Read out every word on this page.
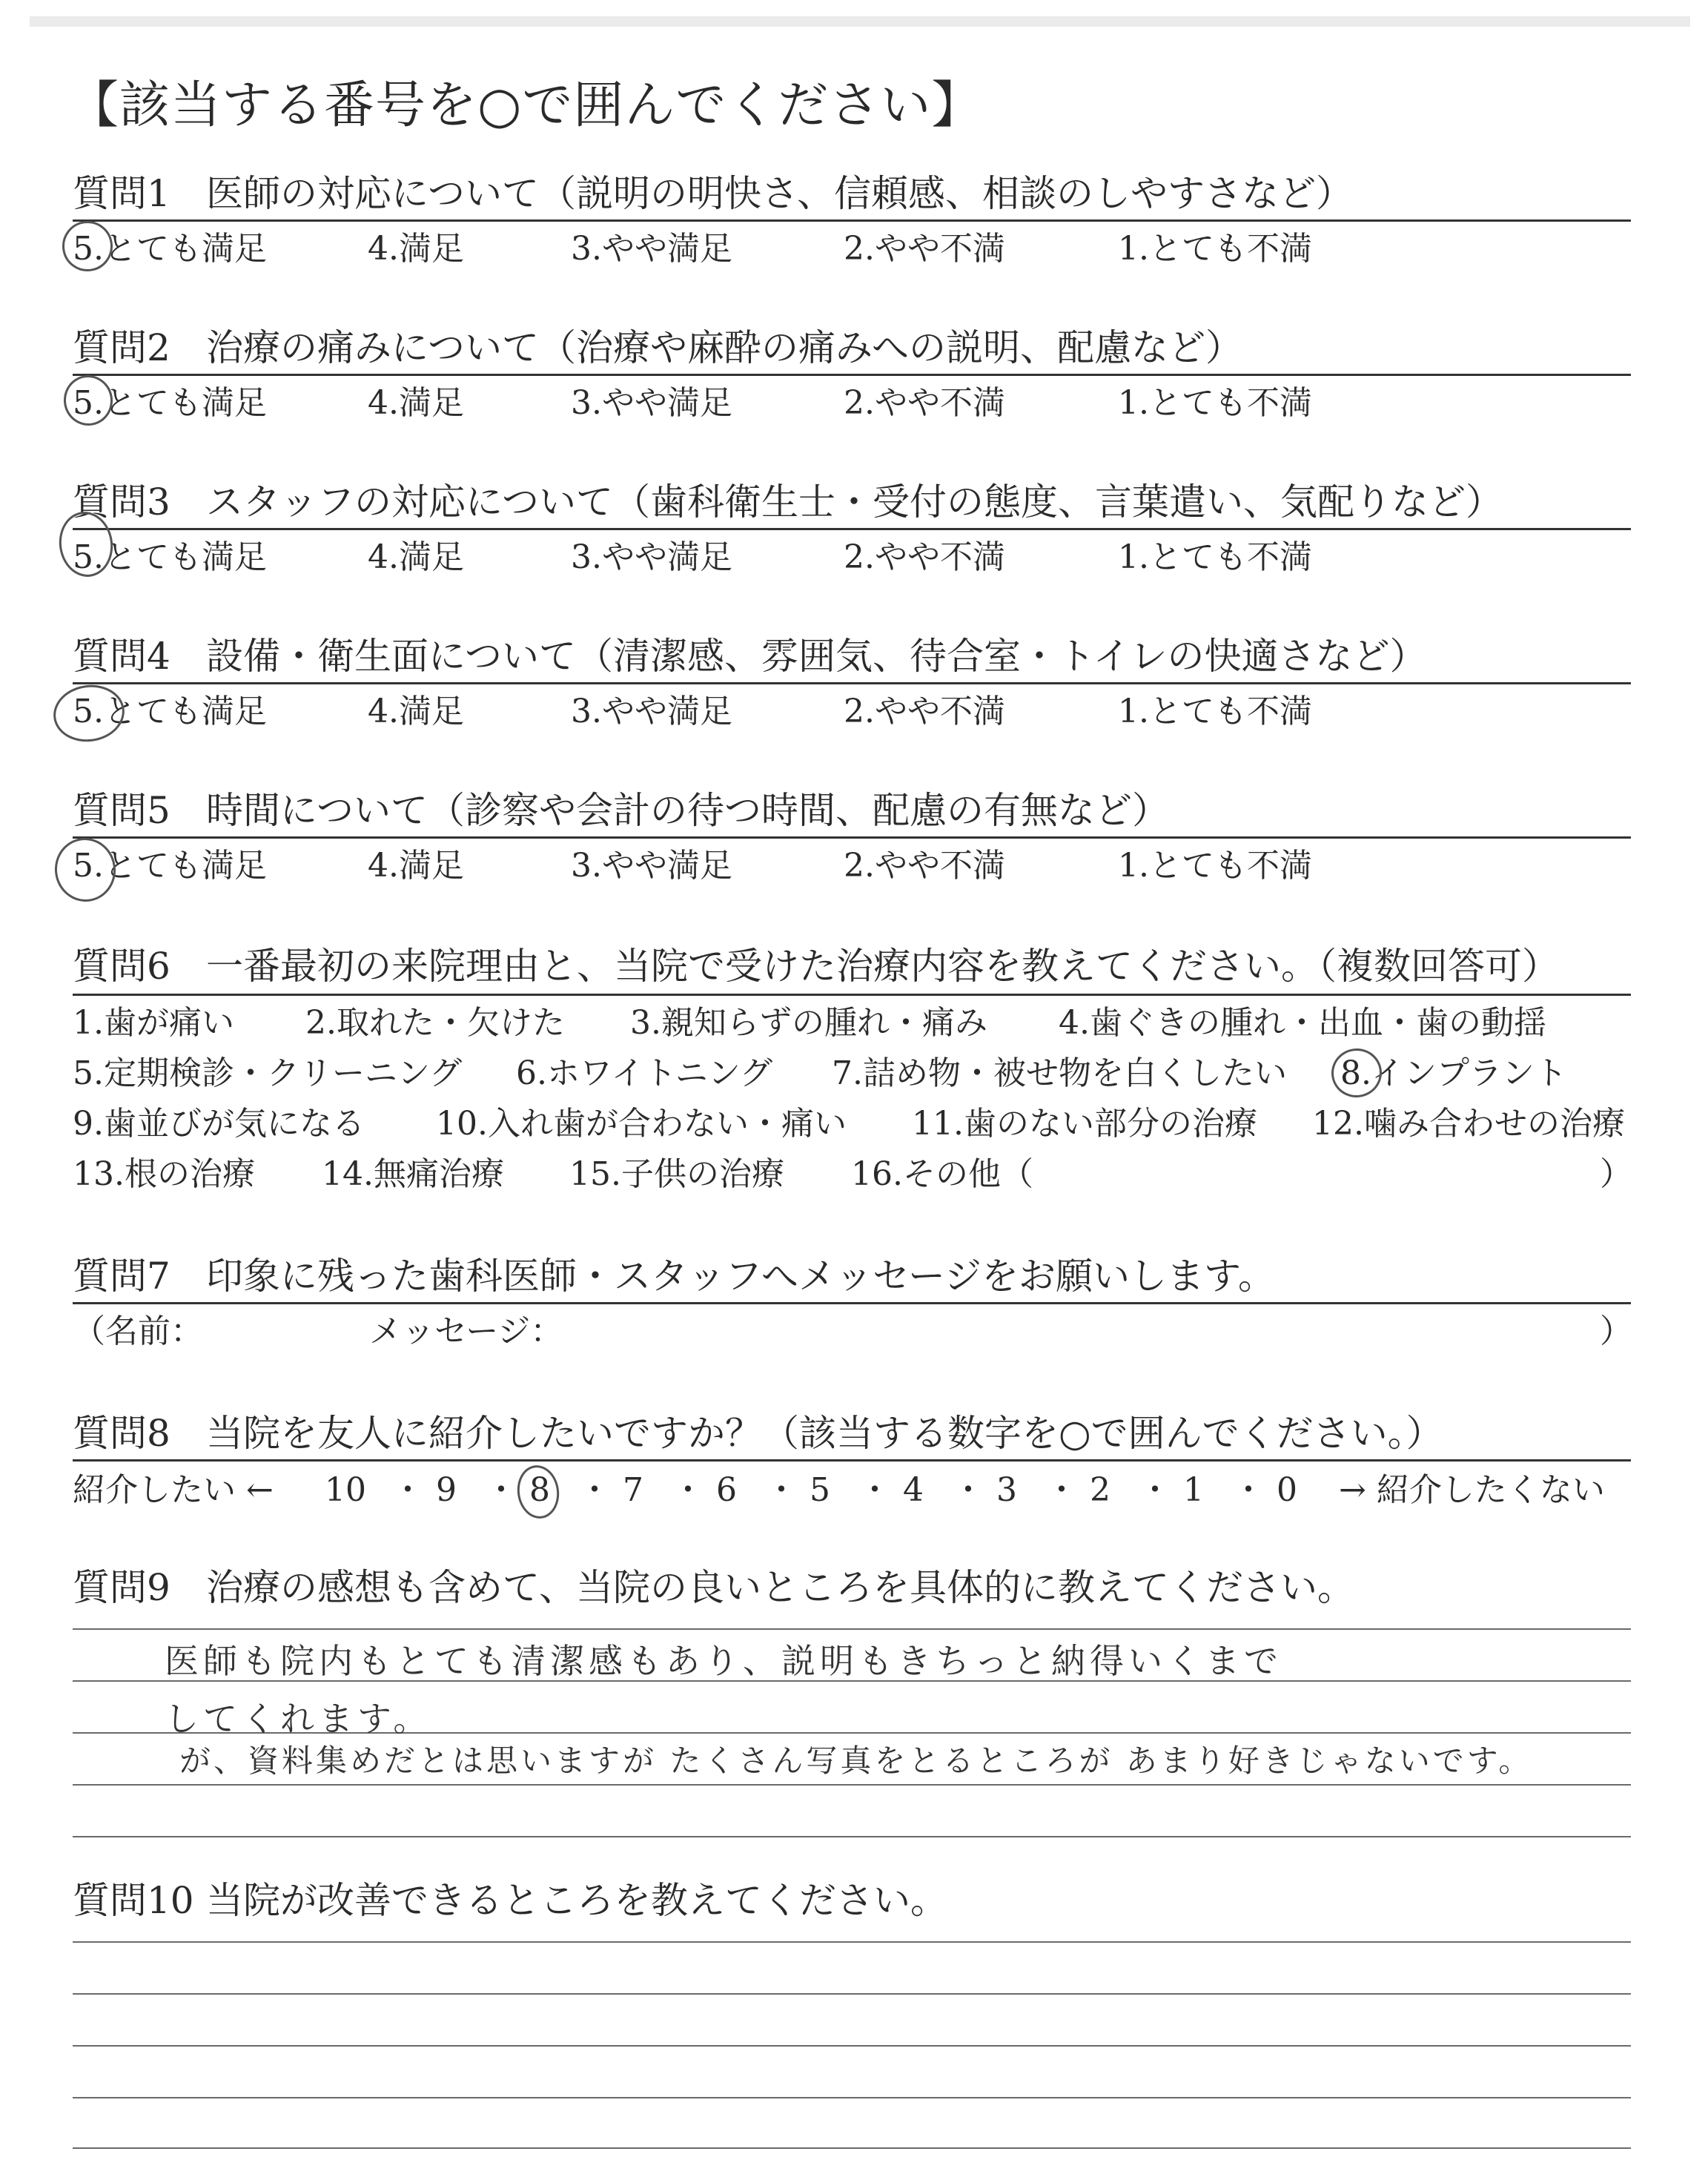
【該当する番号を○で囲んでください】
質問1 医師の対応について（説明の明快さ、信頼感、相談のしやすさなど）
5.とても満足	4.満足	3.やや満足	2.やや不満	1.とても不満
質問2 治療の痛みについて（治療や麻酔の痛みへの説明、配慮など）
5.とても満足	4.満足	3.やや満足	2.やや不満	1.とても不満
質問3 スタッフの対応について（歯科衛生士・受付の態度、言葉遣い、気配りなど）
5.とても満足	4.満足	3.やや満足	2.やや不満	1.とても不満
質問4 設備・衛生面について（清潔感、雰囲気、待合室・トイレの快適さなど）
5.とても満足	4.満足	3.やや満足	2.やや不満	1.とても不満
質問5 時間について（診察や会計の待つ時間、配慮の有無など）
5.とても満足	4.満足	3.やや満足	2.やや不満	1.とても不満
質問6 一番最初の来院理由と、当院で受けた治療内容を教えてください。（複数回答可）
1.歯が痛い 2.取れた・欠けた 3.親知らずの腫れ・痛み 4.歯ぐきの腫れ・出血・歯の動揺
5.定期検診・クリーニング 6.ホワイトニング 7.詰め物・被せ物を白くしたい 8.インプラント
9.歯並びが気になる 10.入れ歯が合わない・痛い 11.歯のない部分の治療 12.噛み合わせの治療
13.根の治療 14.無痛治療 15.子供の治療 16.その他（	）
質問7 印象に残った歯科医師・スタッフへメッセージをお願いします。
（名前：	メッセージ：	）
質問8 当院を友人に紹介したいですか？（該当する数字を○で囲んでください。）
紹介したい ← 10 ・ 9 ・ 8 ・ 7 ・ 6 ・ 5 ・ 4 ・ 3 ・ 2 ・ 1 ・ 0 → 紹介したくない
質問9 治療の感想も含めて、当院の良いところを具体的に教えてください。
医師も院内もとても清潔感もあり、説明もきちっと納得いくまで
してくれます。
が、資料集めだとは思いますが たくさん写真をとるところが あまり好きじゃないです。
質問10 当院が改善できるところを教えてください。
